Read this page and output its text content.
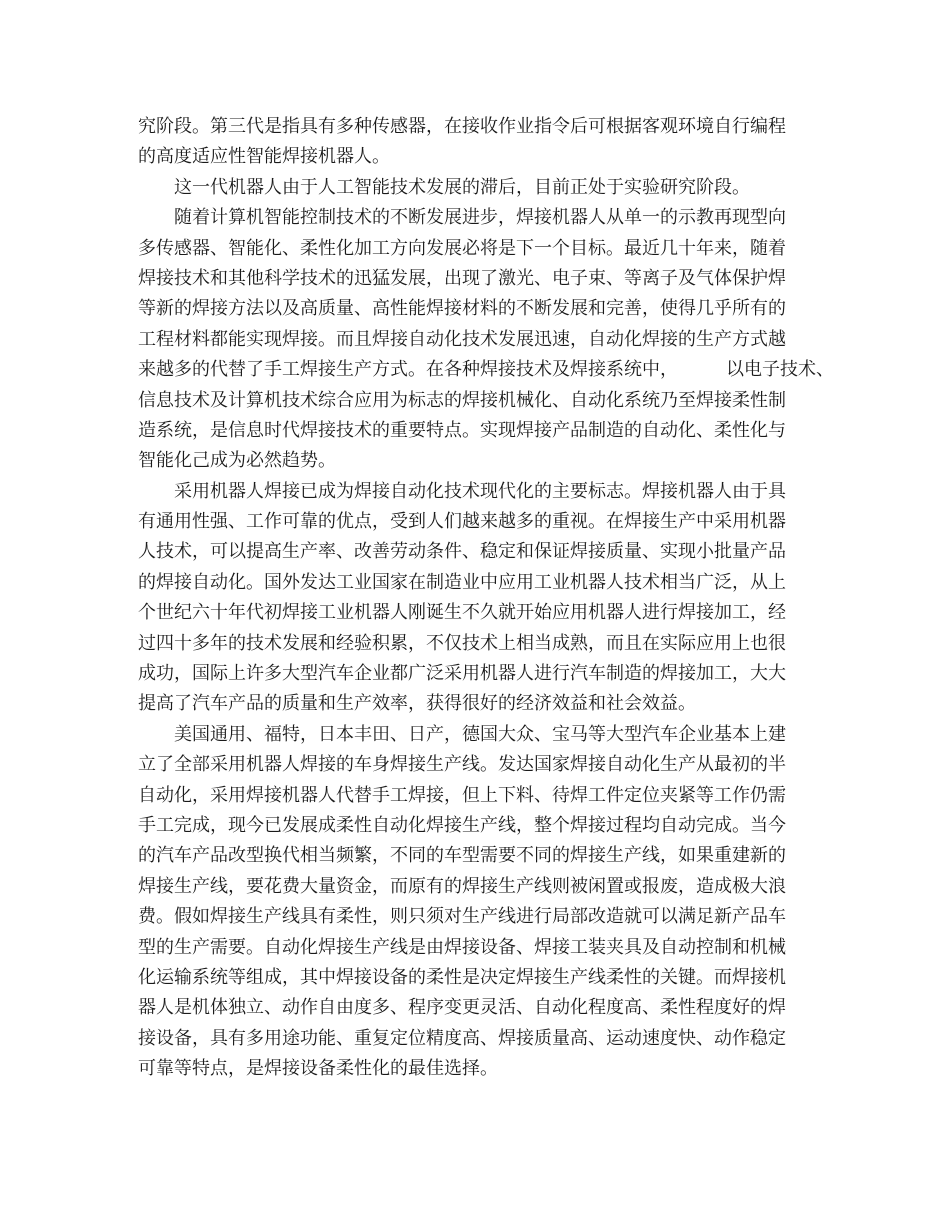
究阶段。第三代是指具有多种传感器，在接收作业指令后可根据客观环境自行编程
的高度适应性智能焊接机器人。
这一代机器人由于人工智能技术发展的滞后，目前正处于实验研究阶段。
随着计算机智能控制技术的不断发展进步，焊接机器人从单一的示教再现型向
多传感器、智能化、柔性化加工方向发展必将是下一个目标。最近几十年来，随着
焊接技术和其他科学技术的迅猛发展，出现了激光、电子束、等离子及气体保护焊
等新的焊接方法以及高质量、高性能焊接材料的不断发展和完善，使得几乎所有的
工程材料都能实现焊接。而且焊接自动化技术发展迅速，自动化焊接的生产方式越
来越多的代替了手工焊接生产方式。在各种焊接技术及焊接系统中，	以电子技术、
信息技术及计算机技术综合应用为标志的焊接机械化、自动化系统乃至焊接柔性制
造系统，是信息时代焊接技术的重要特点。实现焊接产品制造的自动化、柔性化与
智能化己成为必然趋势。
采用机器人焊接已成为焊接自动化技术现代化的主要标志。焊接机器人由于具
有通用性强、工作可靠的优点，受到人们越来越多的重视。在焊接生产中采用机器
人技术，可以提高生产率、改善劳动条件、稳定和保证焊接质量、实现小批量产品
的焊接自动化。国外发达工业国家在制造业中应用工业机器人技术相当广泛，从上
个世纪六十年代初焊接工业机器人刚诞生不久就开始应用机器人进行焊接加工，经
过四十多年的技术发展和经验积累，不仅技术上相当成熟，而且在实际应用上也很
成功，国际上许多大型汽车企业都广泛采用机器人进行汽车制造的焊接加工，大大
提高了汽车产品的质量和生产效率，获得很好的经济效益和社会效益。
美国通用、福特，日本丰田、日产，德国大众、宝马等大型汽车企业基本上建
立了全部采用机器人焊接的车身焊接生产线。发达国家焊接自动化生产从最初的半
自动化，采用焊接机器人代替手工焊接，但上下料、待焊工件定位夹紧等工作仍需
手工完成，现今已发展成柔性自动化焊接生产线，整个焊接过程均自动完成。当今
的汽车产品改型换代相当频繁，不同的车型需要不同的焊接生产线，如果重建新的
焊接生产线，要花费大量资金，而原有的焊接生产线则被闲置或报废，造成极大浪
费。假如焊接生产线具有柔性，则只须对生产线进行局部改造就可以满足新产品车
型的生产需要。自动化焊接生产线是由焊接设备、焊接工装夹具及自动控制和机械
化运输系统等组成，其中焊接设备的柔性是决定焊接生产线柔性的关键。而焊接机
器人是机体独立、动作自由度多、程序变更灵活、自动化程度高、柔性程度好的焊
接设备，具有多用途功能、重复定位精度高、焊接质量高、运动速度快、动作稳定
可靠等特点，是焊接设备柔性化的最佳选择。
